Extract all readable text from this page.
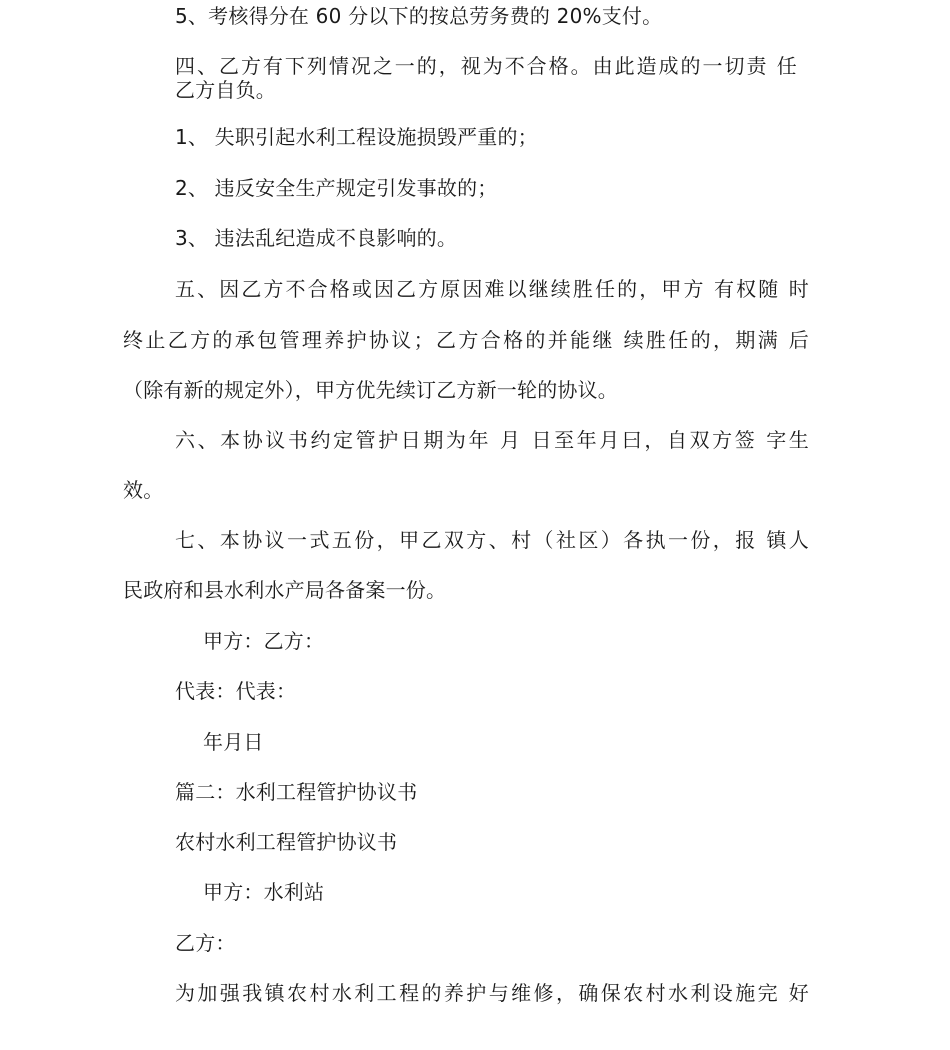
5、考核得分在 60 分以下的按总劳务费的 20%支付。
四、乙方有下列情况之一的，视为不合格。由此造成的一切责 任
乙方自负。
1、 失职引起水利工程设施损毁严重的；
2、 违反安全生产规定引发事故的；
3、 违法乱纪造成不良影响的。
五、因乙方不合格或因乙方原因难以继续胜任的，甲方 有权随 时
终止乙方的承包管理养护协议；乙方合格的并能继 续胜任的，期满 后
（除有新的规定外），甲方优先续订乙方新一轮的协议。
六、本协议书约定管护日期为年 月 日至年月曰，自双方签 字生
效。
七、本协议一式五份，甲乙双方、村（社区）各执一份，报 镇人
民政府和县水利水产局各备案一份。
甲方：乙方：
代表：代表：
年月日
篇二：水利工程管护协议书
农村水利工程管护协议书
甲方：水利站
乙方：
为加强我镇农村水利工程的养护与维修，确保农村水利设施完 好
